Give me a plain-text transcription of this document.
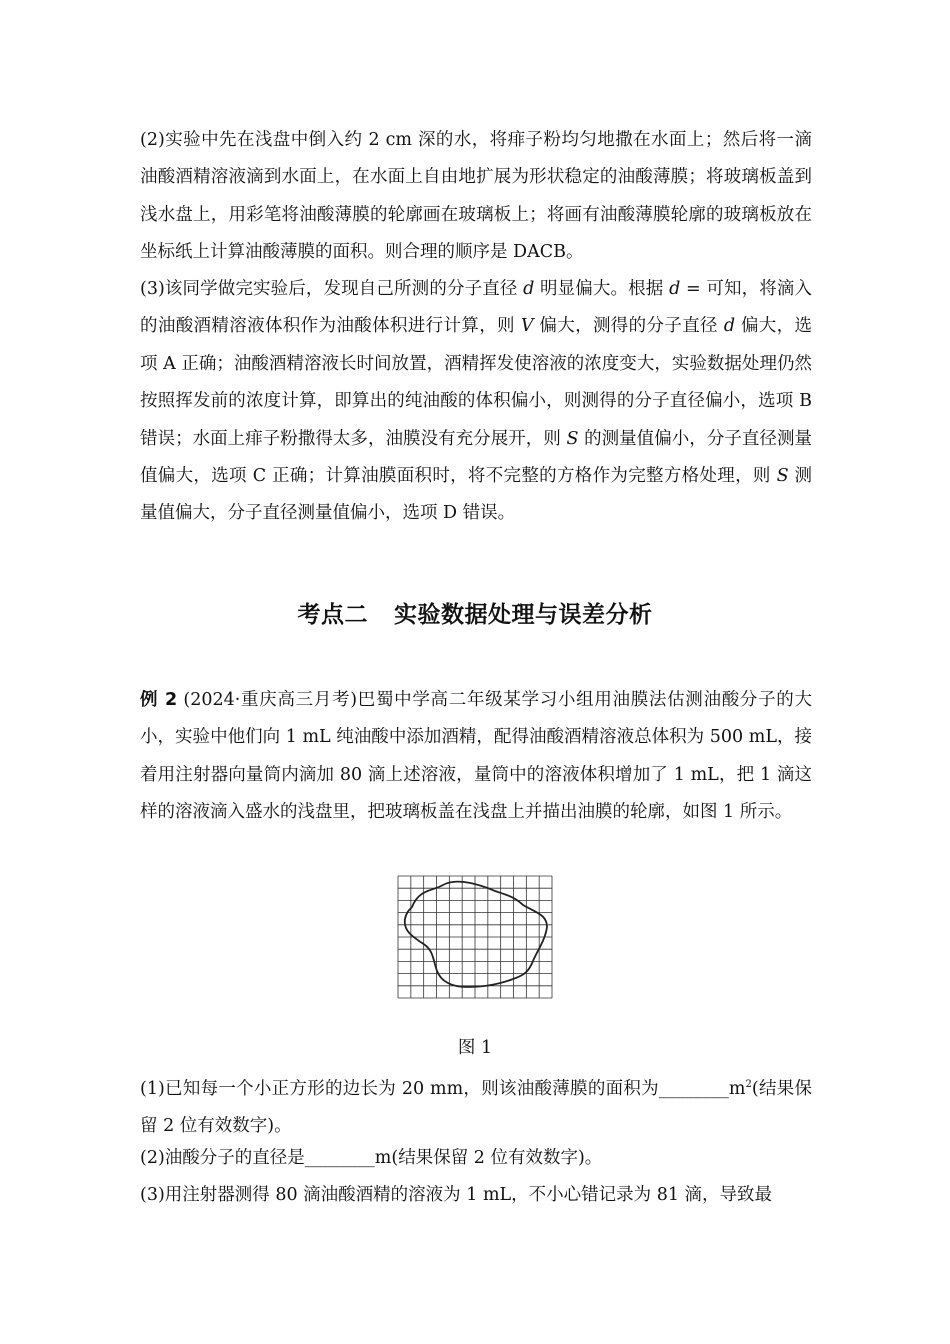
(2)实验中先在浅盘中倒入约 2 cm 深的水，将痱子粉均匀地撒在水面上；然后将一滴油酸酒精溶液滴到水面上，在水面上自由地扩展为形状稳定的油酸薄膜；将玻璃板盖到浅水盘上，用彩笔将油酸薄膜的轮廓画在玻璃板上；将画有油酸薄膜轮廓的玻璃板放在坐标纸上计算油酸薄膜的面积。则合理的顺序是 DACB。

(3)该同学做完实验后，发现自己所测的分子直径 d 明显偏大。根据 d = 可知，将滴入的油酸酒精溶液体积作为油酸体积进行计算，则 V 偏大，测得的分子直径 d 偏大，选项 A 正确；油酸酒精溶液长时间放置，酒精挥发使溶液的浓度变大，实验数据处理仍然按照挥发前的浓度计算，即算出的纯油酸的体积偏小，则测得的分子直径偏小，选项 B 错误；水面上痱子粉撒得太多，油膜没有充分展开，则 S 的测量值偏小，分子直径测量值偏大，选项 C 正确；计算油膜面积时，将不完整的方格作为完整方格处理，则 S 测量值偏大，分子直径测量值偏小，选项 D 错误。

考点二 实验数据处理与误差分析

例 2 (2024·重庆高三月考)巴蜀中学高二年级某学习小组用油膜法估测油酸分子的大小，实验中他们向 1 mL 纯油酸中添加酒精，配得油酸酒精溶液总体积为 500 mL，接着用注射器向量筒内滴加 80 滴上述溶液，量筒中的溶液体积增加了 1 mL，把 1 滴这样的溶液滴入盛水的浅盘里，把玻璃板盖在浅盘上并描出油膜的轮廓，如图 1 所示。

图 1

(1)已知每一个小正方形的边长为 20 mm，则该油酸薄膜的面积为$\_\_\_\_\_\_\_\_m^2$(结果保留 2 位有效数字)。

(2)油酸分子的直径是________m(结果保留 2 位有效数字)。

(3)用注射器测得 80 滴油酸酒精的溶液为 1 mL，不小心错记录为 81 滴，导致最
